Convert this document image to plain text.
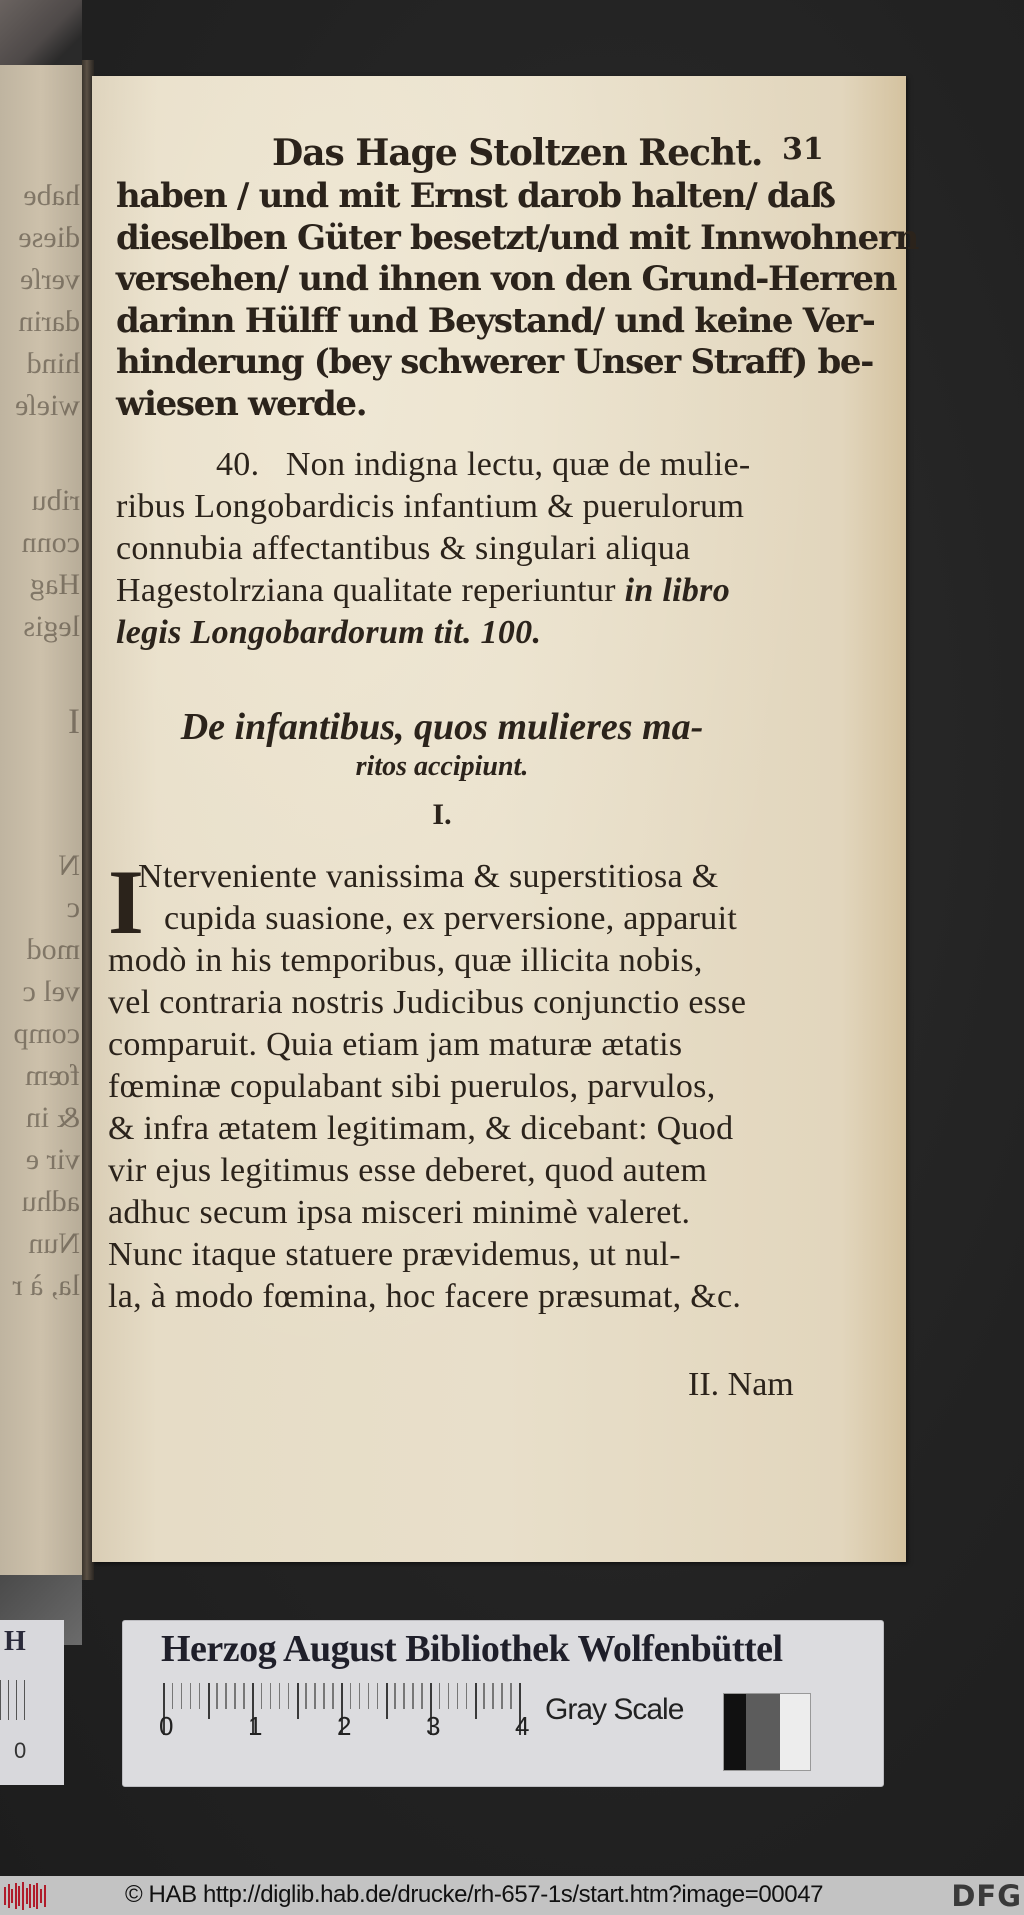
habe
diese
verſe
darin
hind
wieſe
ribu
conn
Hag
legis
I
N
c
mod
vel c
comp
fœm
& in
vir e
adhu
Nun
la, à r
H
0
Das Hage Stoltzen Recht. 31
haben / und mit Ernst darob halten/ daß
dieselben Güter besetzt/und mit Innwohnern
versehen/ und ihnen von den Grund-Herren
darinn Hülff und Beystand/ und keine Ver-
hinderung (bey schwerer Unser Straff) be-
wiesen werde.
40. Non indigna lectu, quæ de mulie-
ribus Longobardicis infantium & puerulorum
connubia affectantibus & singulari aliqua
Hagestolrziana qualitate reperiuntur in libro
legis Longobardorum tit. 100.
De infantibus, quos mulieres ma-
ritos accipiunt.
I.
I
Nterveniente vanissima & superstitiosa &
cupida suasione, ex perversione, apparuit
modò in his temporibus, quæ illicita nobis,
vel contraria nostris Judicibus conjunctio esse
comparuit. Quia etiam jam maturæ ætatis
fœminæ copulabant sibi puerulos, parvulos,
& infra ætatem legitimam, & dicebant: Quod
vir ejus legitimus esse deberet, quod autem
adhuc secum ipsa misceri minimè valeret.
Nunc itaque statuere prævidemus, ut nul-
la, à modo fœmina, hoc facere præsumat, &c.
II. Nam
Herzog August Bibliothek Wolfenbüttel
0	1	2	3	4 Gray Scale
© HAB http://diglib.hab.de/drucke/rh-657-1s/start.htm?image=00047	DFG
